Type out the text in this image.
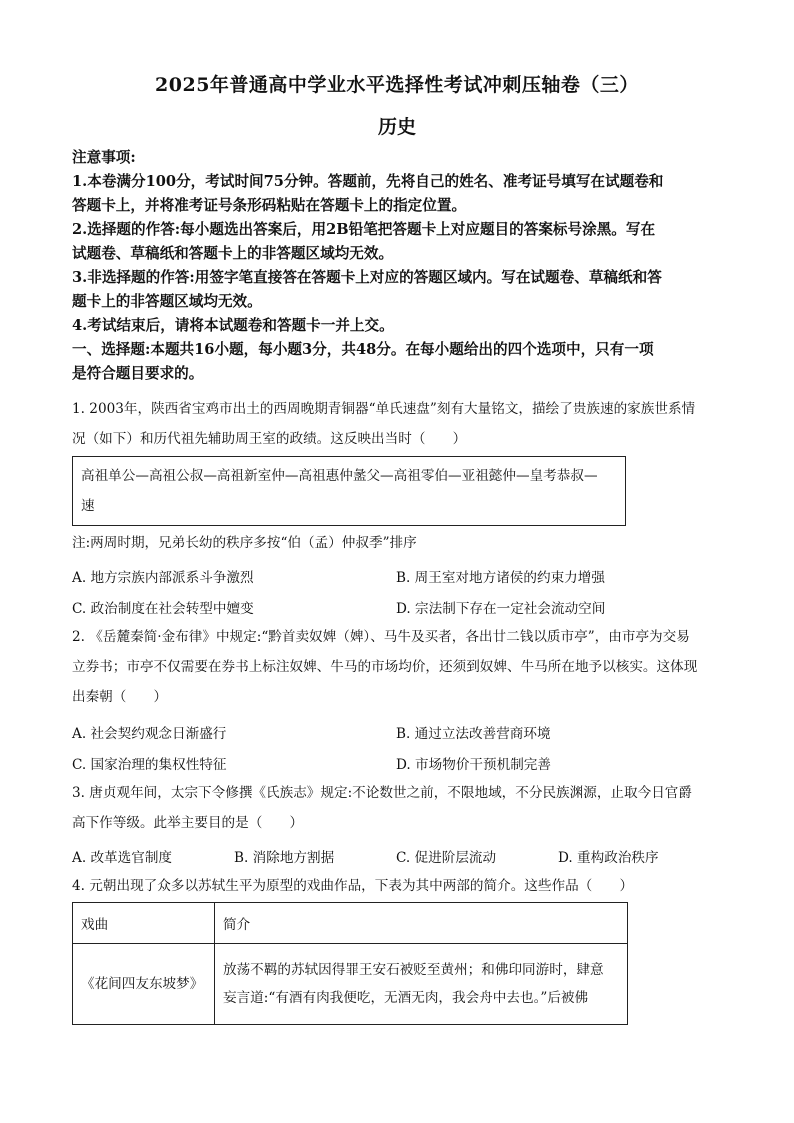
2025年普通高中学业水平选择性考试冲刺压轴卷（三）
历史
注意事项:
1.本卷满分100分，考试时间75分钟。答题前，先将自己的姓名、准考证号填写在试题卷和
答题卡上，并将准考证号条形码粘贴在答题卡上的指定位置。
2.选择题的作答:每小题选出答案后，用2B铅笔把答题卡上对应题目的答案标号涂黑。写在
试题卷、草稿纸和答题卡上的非答题区域均无效。
3.非选择题的作答:用签字笔直接答在答题卡上对应的答题区域内。写在试题卷、草稿纸和答
题卡上的非答题区域均无效。
4.考试结束后，请将本试题卷和答题卡一并上交。
一、选择题:本题共16小题，每小题3分，共48分。在每小题给出的四个选项中，只有一项
是符合题目要求的。
1. 2003年，陕西省宝鸡市出土的西周晚期青铜器“单氏速盘”刻有大量铭文，描绘了贵族速的家族世系情
况（如下）和历代祖先辅助周王室的政绩。这反映出当时（　　）
高祖单公—高祖公叔—高祖新室仲—高祖惠仲盠父—高祖零伯—亚祖懿仲—皇考恭叔—
速
注:两周时期，兄弟长幼的秩序多按“伯（孟）仲叔季”排序
A. 地方宗族内部派系斗争激烈	B. 周王室对地方诸侯的约束力增强
C. 政治制度在社会转型中嬗变	D. 宗法制下存在一定社会流动空间
2. 《岳麓秦简·金布律》中规定:“黔首卖奴婢（婢）、马牛及买者，各出廿二钱以质市亭”，由市亭为交易
立券书；市亭不仅需要在券书上标注奴婢、牛马的市场均价，还须到奴婢、牛马所在地予以核实。这体现
出秦朝（　　）
A. 社会契约观念日渐盛行	B. 通过立法改善营商环境
C. 国家治理的集权性特征	D. 市场物价干预机制完善
3. 唐贞观年间，太宗下令修撰《氏族志》规定:不论数世之前，不限地域，不分民族渊源，止取今日官爵
高下作等级。此举主要目的是（　　）
A. 改革选官制度	B. 消除地方割据	C. 促进阶层流动	D. 重构政治秩序
4. 元朝出现了众多以苏轼生平为原型的戏曲作品，下表为其中两部的简介。这些作品（　　）
戏曲	简介
《花间四友东坡梦》	放荡不羁的苏轼因得罪王安石被贬至黄州；和佛印同游时，肆意
妄言道:“有酒有肉我便吃，无酒无肉，我会舟中去也。”后被佛
